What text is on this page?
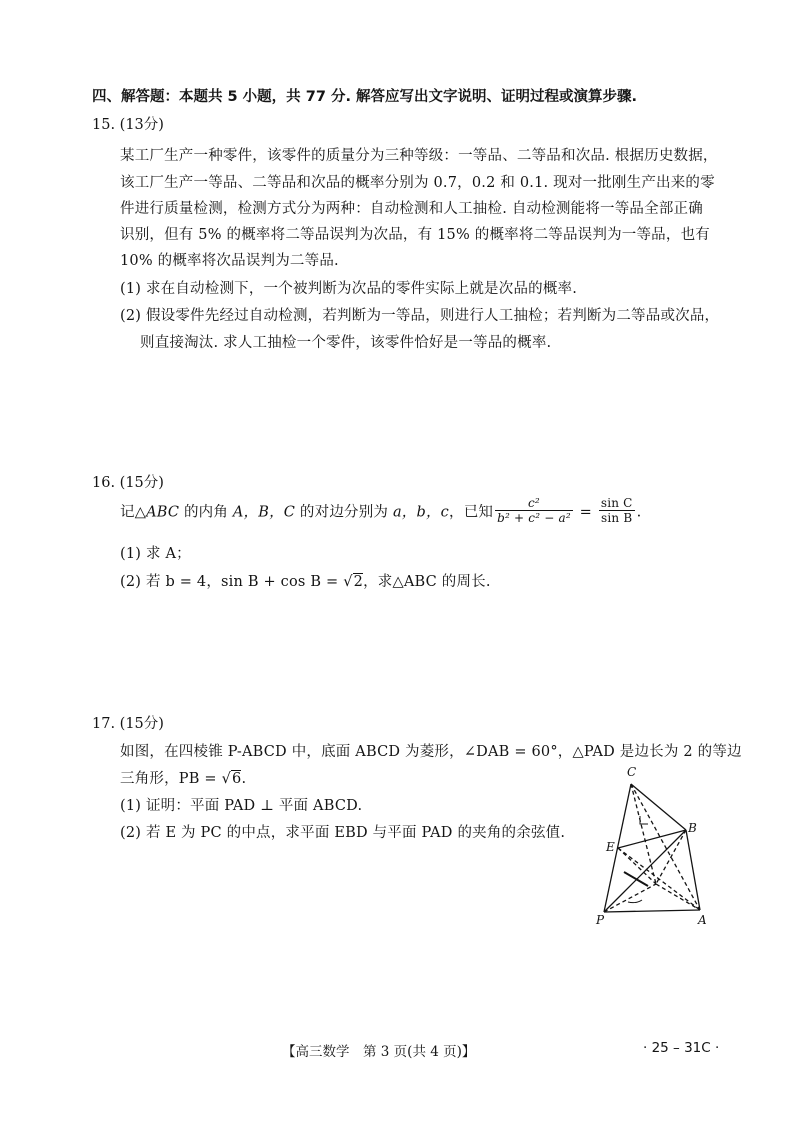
四、解答题：本题共 5 小题，共 77 分. 解答应写出文字说明、证明过程或演算步骤.
15. (13分)
某工厂生产一种零件，该零件的质量分为三种等级：一等品、二等品和次品. 根据历史数据，
该工厂生产一等品、二等品和次品的概率分别为 0.7，0.2 和 0.1. 现对一批刚生产出来的零
件进行质量检测，检测方式分为两种：自动检测和人工抽检. 自动检测能将一等品全部正确
识别，但有 5% 的概率将二等品误判为次品，有 15% 的概率将二等品误判为一等品，也有
10% 的概率将次品误判为二等品.
(1) 求在自动检测下，一个被判断为次品的零件实际上就是次品的概率.
(2) 假设零件先经过自动检测，若判断为一等品，则进行人工抽检；若判断为二等品或次品，
则直接淘汰. 求人工抽检一个零件，该零件恰好是一等品的概率.
16. (15分)
记△ABC 的内角 A，B，C 的对边分别为 a，b，c，已知 $\frac{\text{c²}}{\text{b² + c² − a²}} = \frac{\text{sin C}}{\text{sin B}}$ .
(1) 求 A；
(2) 若 b = 4，sin B + cos B = √2，求△ABC 的周长.
17. (15分)
如图，在四棱锥 P-ABCD 中，底面 ABCD 为菱形，∠DAB = 60°，△PAD 是边长为 2 的等边
三角形，PB = √6.
(1) 证明：平面 PAD ⊥ 平面 ABCD.
(2) 若 E 为 PC 的中点，求平面 EBD 与平面 PAD 的夹角的余弦值.
C
B
E
P	A
【高三数学　第 3 页(共 4 页)】	· 25 – 31C ·
